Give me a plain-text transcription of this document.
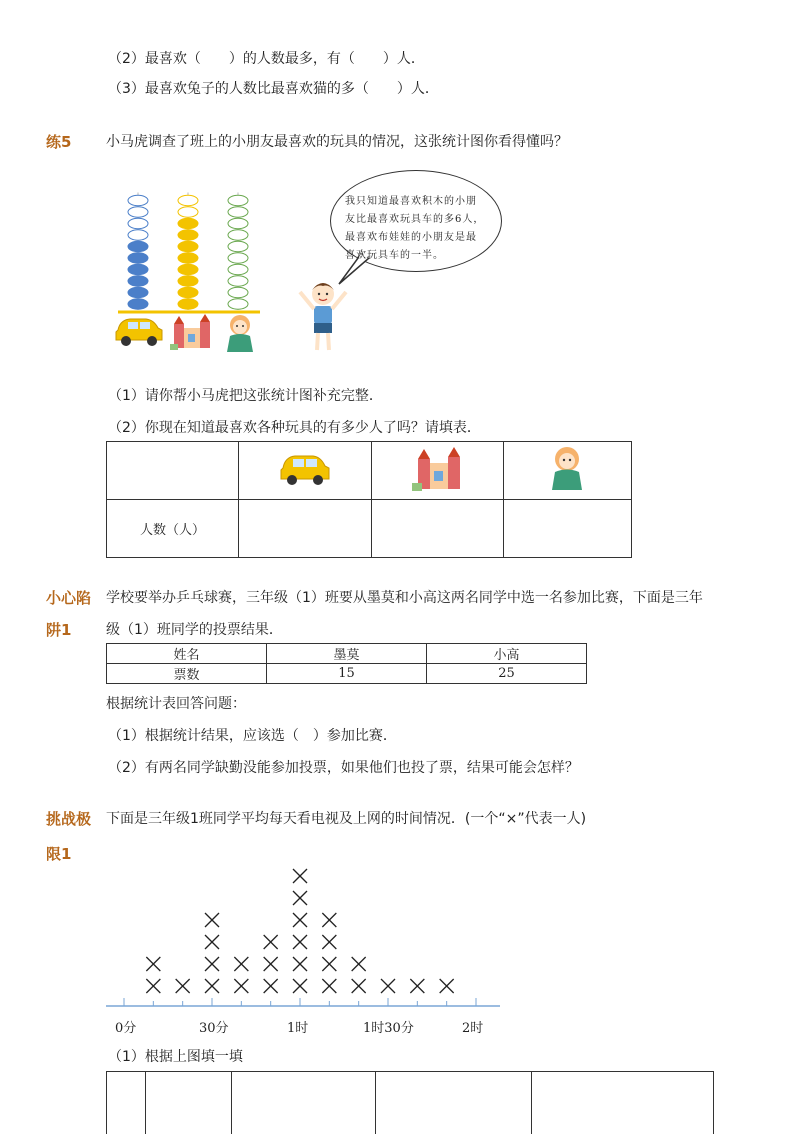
（2）最喜欢（　　）的人数最多，有（　　）人．
（3）最喜欢兔子的人数比最喜欢猫的多（　　）人．
练5 小马虎调查了班上的小朋友最喜欢的玩具的情况，这张统计图你看得懂吗？
我只知道最喜欢积木的小朋友比最喜欢玩具车的多6人，最喜欢布娃娃的小朋友是最喜欢玩具车的一半。
（1）请你帮小马虎把这张统计图补充完整．
（2）你现在知道最喜欢各种玩具的有多少人了吗？请填表．

人数（人）			
小心陷
阱1
学校要举办乒乓球赛，三年级（1）班要从墨莫和小高这两名同学中选一名参加比赛，下面是三年
级（1）班同学的投票结果．
姓名	墨莫	小高
票数	15	25
根据统计表回答问题：
（1）根据统计结果，应该选（　）参加比赛．
（2）有两名同学缺勤没能参加投票，如果他们也投了票，结果可能会怎样？
挑战极
限1
下面是三年级1班同学平均每天看电视及上网的时间情况．(一个“×”代表一人)
0分	30分	1时	1时30分	2时
（1）根据上图填一填
